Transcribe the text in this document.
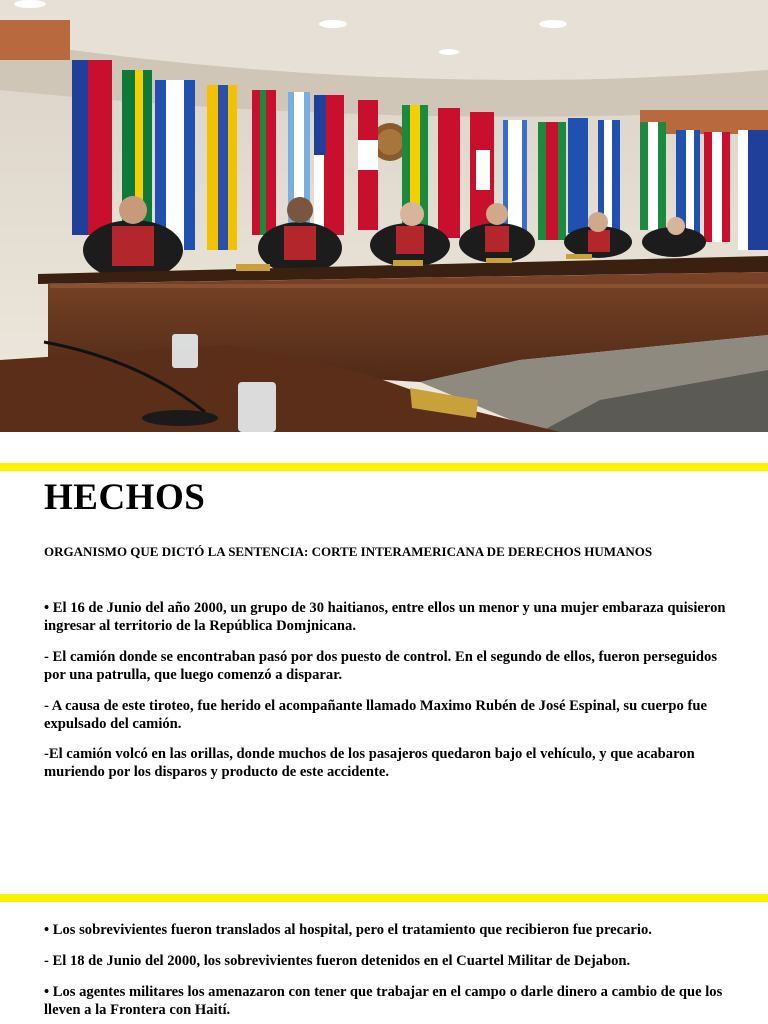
HECHOS
ORGANISMO QUE DICTÓ LA SENTENCIA: CORTE INTERAMERICANA DE DERECHOS HUMANOS
• El 16 de Junio del año 2000, un grupo de 30 haitianos, entre ellos un menor y una mujer embaraza quisieron ingresar al territorio de la República Domjnicana.
- El camión donde se encontraban pasó por dos puesto de control. En el segundo de ellos, fueron perseguidos por una patrulla, que luego comenzó a disparar.
- A causa de este tiroteo, fue herido el acompañante llamado Maximo Rubén de José Espinal, su cuerpo fue expulsado del camión.
-El camión volcó en las orillas, donde muchos de los pasajeros quedaron bajo el vehículo, y que acabaron muriendo por los disparos y producto de este accidente.
• Los sobrevivientes fueron translados al hospital, pero el tratamiento que recibieron fue precario.
- El 18 de Junio del 2000, los sobrevivientes fueron detenidos en el Cuartel Militar de Dejabon.
• Los agentes militares los amenazaron con tener que trabajar en el campo o darle dinero a cambio de que los lleven a la Frontera con Haití.
